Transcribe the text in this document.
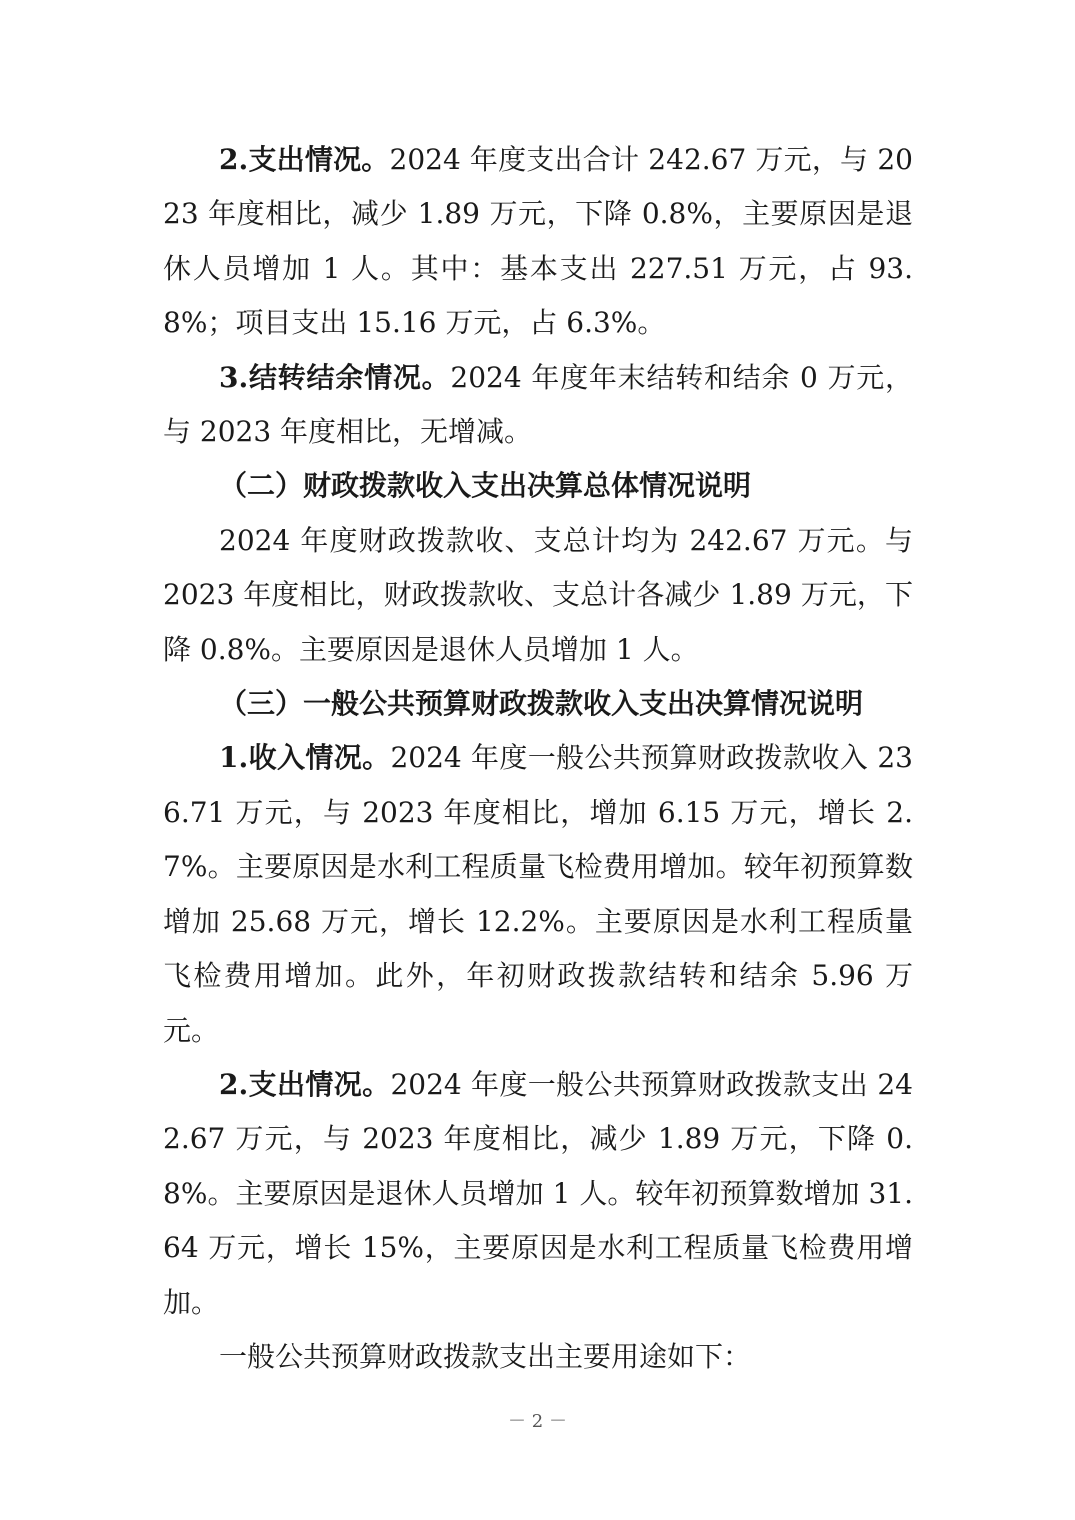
2.支出情况。2024 年度支出合计 242.67 万元，与 2023 年度相比，减少 1.89 万元，下降 0.8%，主要原因是退休人员增加 1 人。其中：基本支出 227.51 万元，占 93.8%；项目支出 15.16 万元，占 6.3%。

3.结转结余情况。2024 年度年末结转和结余 0 万元，与 2023 年度相比，无增减。

（二）财政拨款收入支出决算总体情况说明

2024 年度财政拨款收、支总计均为 242.67 万元。与 2023 年度相比，财政拨款收、支总计各减少 1.89 万元，下降 0.8%。主要原因是退休人员增加 1 人。

（三）一般公共预算财政拨款收入支出决算情况说明

1.收入情况。2024 年度一般公共预算财政拨款收入 236.71 万元，与 2023 年度相比，增加 6.15 万元，增长 2.7%。主要原因是水利工程质量飞检费用增加。较年初预算数增加 25.68 万元，增长 12.2%。主要原因是水利工程质量飞检费用增加。此外，年初财政拨款结转和结余 5.96 万元。

2.支出情况。2024 年度一般公共预算财政拨款支出 242.67 万元，与 2023 年度相比，减少 1.89 万元，下降 0.8%。主要原因是退休人员增加 1 人。较年初预算数增加 31.64 万元，增长 15%，主要原因是水利工程质量飞检费用增加。

一般公共预算财政拨款支出主要用途如下：

－ 2 －
